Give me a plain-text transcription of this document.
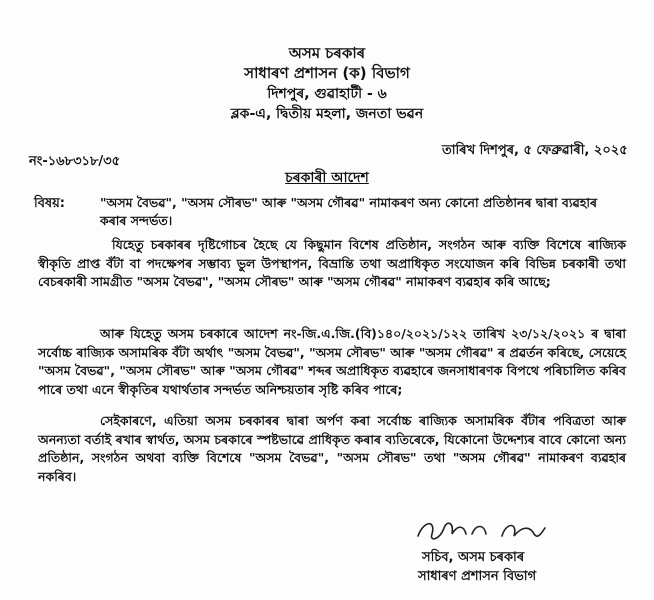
অসম চৰকাৰ
সাধাৰণ প্ৰশাসন (ক) বিভাগ
দিশপুৰ, গুৱাহাটী - ৬
ব্লক-এ, দ্বিতীয় মহলা, জনতা ভৱন
তাৰিখ দিশপুৰ, ৫ ফেব্ৰুৱাৰী, ২০২৫
নং-১৬৮৩১৮/৩৫
চৰকাৰী আদেশ
বিষয়:	"অসম বৈভৱ", "অসম সৌৰভ" আৰু "অসম গৌৰৱ" নামাকৰণ অন্য কোনো প্ৰতিষ্ঠানৰ দ্বাৰা ব্যৱহাৰ কৰাৰ সন্দৰ্ভত।
যিহেতু চৰকাৰৰ দৃষ্টিগোচৰ হৈছে যে কিছুমান বিশেষ প্ৰতিষ্ঠান, সংগঠন আৰু ব্যক্তি বিশেষে ৰাজ্যিক স্বীকৃতি প্ৰাপ্ত বঁটা বা পদক্ষেপৰ সম্ভাব্য ভুল উপস্থাপন, বিভ্ৰান্তি তথা অপ্ৰাধিকৃত সংযোজন কৰি বিভিন্ন চৰকাৰী তথা বেচৰকাৰী সামগ্ৰীত "অসম বৈভৱ", "অসম সৌৰভ" আৰু "অসম গৌৰৱ" নামাকৰণ ব্যৱহাৰ কৰি আছে;
আৰু যিহেতু অসম চৰকাৰে আদেশ নং-জি.এ.জি.(বি)১৪০/২০২১/১২২ তাৰিখ ২৩/১২/২০২১ ৰ দ্বাৰা সৰ্বোচ্চ ৰাজ্যিক অসামৰিক বঁটা অৰ্থাৎ "অসম বৈভৱ", "অসম সৌৰভ" আৰু "অসম গৌৰৱ" ৰ প্ৰৱৰ্তন কৰিছে, সেয়েহে "অসম বৈভৱ", "অসম সৌৰভ" আৰু "অসম গৌৰৱ" শব্দৰ অপ্ৰাধিকৃত ব্যৱহাৰে জনসাধাৰণক বিপথে পৰিচালিত কৰিব পাৰে তথা এনে স্বীকৃতিৰ যথাৰ্থতাৰ সন্দৰ্ভত অনিশ্চয়তাৰ সৃষ্টি কৰিব পাৰে;
সেইকাৰণে, এতিয়া অসম চৰকাৰৰ দ্বাৰা অৰ্পণ কৰা সৰ্বোচ্চ ৰাজ্যিক অসামৰিক বঁটাৰ পবিত্ৰতা আৰু অনন্যতা বৰ্তাই ৰখাৰ স্বাৰ্থত, অসম চৰকাৰে স্পষ্টভাৱে প্ৰাধিকৃত কৰাৰ ব্যতিৰেকে, যিকোনো উদ্দেশ্যৰ বাবে কোনো অন্য প্ৰতিষ্ঠান, সংগঠন অথবা ব্যক্তি বিশেষে "অসম বৈভৱ", "অসম সৌৰভ" তথা "অসম গৌৰৱ" নামাকৰণ ব্যৱহাৰ নকৰিব।
সচিব, অসম চৰকাৰ
সাধাৰণ প্ৰশাসন বিভাগ
